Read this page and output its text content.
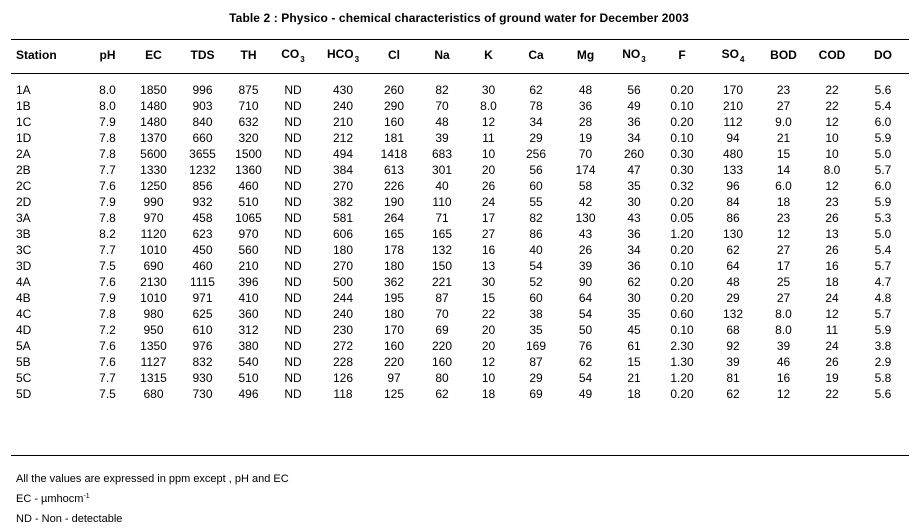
Table 2 : Physico - chemical characteristics of ground water for December 2003
Station	pH	EC	TDS	TH	$CO_3$	$HCO_3$	Cl	Na	K	Ca	Mg	$NO_3$	F	$SO_4$	BOD	COD	DO
1A	8.0	1850	996	875	ND	430	260	82	30	62	48	56	0.20	170	23	22	5.6
1B	8.0	1480	903	710	ND	240	290	70	8.0	78	36	49	0.10	210	27	22	5.4
1C	7.9	1480	840	632	ND	210	160	48	12	34	28	36	0.20	112	9.0	12	6.0
1D	7.8	1370	660	320	ND	212	181	39	11	29	19	34	0.10	94	21	10	5.9
2A	7.8	5600	3655	1500	ND	494	1418	683	10	256	70	260	0.30	480	15	10	5.0
2B	7.7	1330	1232	1360	ND	384	613	301	20	56	174	47	0.30	133	14	8.0	5.7
2C	7.6	1250	856	460	ND	270	226	40	26	60	58	35	0.32	96	6.0	12	6.0
2D	7.9	990	932	510	ND	382	190	110	24	55	42	30	0.20	84	18	23	5.9
3A	7.8	970	458	1065	ND	581	264	71	17	82	130	43	0.05	86	23	26	5.3
3B	8.2	1120	623	970	ND	606	165	165	27	86	43	36	1.20	130	12	13	5.0
3C	7.7	1010	450	560	ND	180	178	132	16	40	26	34	0.20	62	27	26	5.4
3D	7.5	690	460	210	ND	270	180	150	13	54	39	36	0.10	64	17	16	5.7
4A	7.6	2130	1115	396	ND	500	362	221	30	52	90	62	0.20	48	25	18	4.7
4B	7.9	1010	971	410	ND	244	195	87	15	60	64	30	0.20	29	27	24	4.8
4C	7.8	980	625	360	ND	240	180	70	22	38	54	35	0.60	132	8.0	12	5.7
4D	7.2	950	610	312	ND	230	170	69	20	35	50	45	0.10	68	8.0	11	5.9
5A	7.6	1350	976	380	ND	272	160	220	20	169	76	61	2.30	92	39	24	3.8
5B	7.6	1127	832	540	ND	228	220	160	12	87	62	15	1.30	39	46	26	2.9
5C	7.7	1315	930	510	ND	126	97	80	10	29	54	21	1.20	81	16	19	5.8
5D	7.5	680	730	496	ND	118	125	62	18	69	49	18	0.20	62	12	22	5.6
All the values are expressed in ppm except , pH and EC
EC - µmhocm$^{-1}$
ND - Non - detectable
